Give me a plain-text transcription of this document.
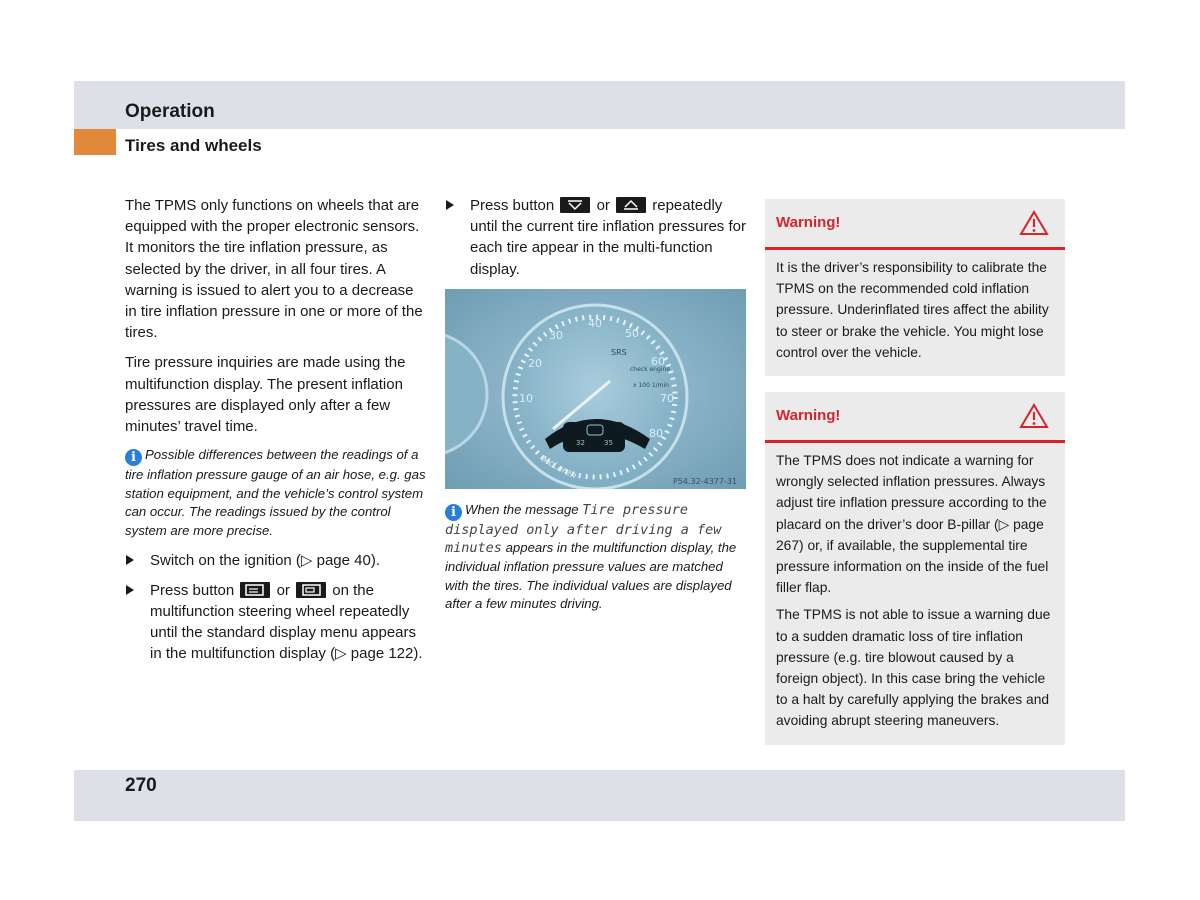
Operation
Tires and wheels

The TPMS only functions on wheels that are equipped with the proper electronic sensors. It monitors the tire inflation pressure, as selected by the driver, in all four tires. A warning is issued to alert you to a decrease in tire inflation pressure in one or more of the tires.

Tire pressure inquiries are made using the multifunction display. The present inflation pressures are displayed only after a few minutes’ travel time.

i Possible differences between the readings of a tire inflation pressure gauge of an air hose, e.g. gas station equipment, and the vehicle’s control system can occur. The readings issued by the control system are more precise.

Switch on the ignition (▷ page 40).

Press button	or	on the multifunction steering wheel repeatedly until the standard display menu appears in the multifunction display (▷ page 122).

Press button	or	repeatedly until the current tire inflation pressures for each tire appear in the multi-function display.

20
30
40
50
60
70
80
10
SRS
check engine
x 100 1/min
32	35
32	35
McLaren	P54.32-4377-31

i When the message Tire pressure displayed only after driving a few minutes appears in the multifunction display, the individual inflation pressure values are matched with the tires. The individual values are displayed after a few minutes driving.

Warning!

It is the driver’s responsibility to calibrate the TPMS on the recommended cold inflation pressure. Underinflated tires affect the ability to steer or brake the vehicle. You might lose control over the vehicle.

Warning!

The TPMS does not indicate a warning for wrongly selected inflation pressures. Always adjust tire inflation pressure according to the placard on the driver’s door B-pillar (▷ page 267) or, if available, the supplemental tire pressure information on the inside of the fuel filler flap.

The TPMS is not able to issue a warning due to a sudden dramatic loss of tire inflation pressure (e.g. tire blowout caused by a foreign object). In this case bring the vehicle to a halt by carefully applying the brakes and avoiding abrupt steering maneuvers.

270
